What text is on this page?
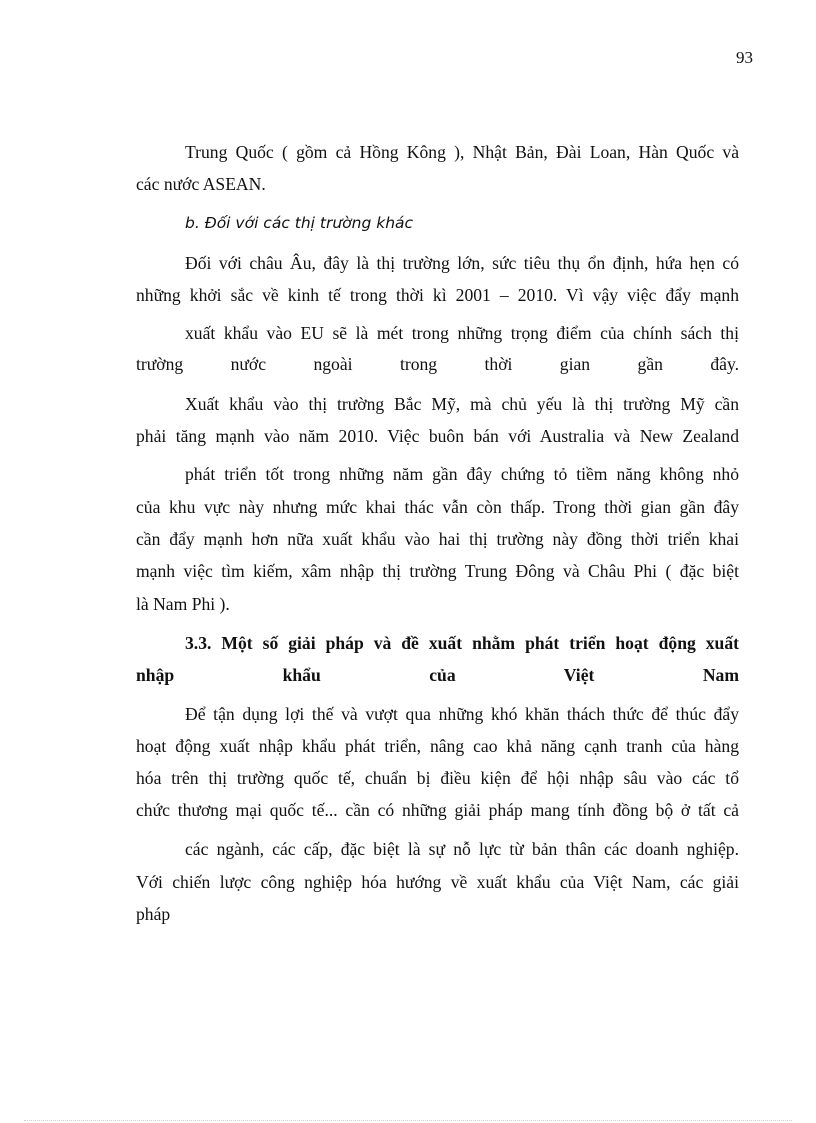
93
Trung Quốc ( gồm cả Hồng Kông ), Nhật Bản, Đài Loan, Hàn Quốc và
các nước ASEAN.
b. Đối với các thị trường khác
Đối với châu Âu, đây là thị trường lớn, sức tiêu thụ ổn định, hứa hẹn có
những khởi sắc về kinh tế trong thời kì 2001 – 2010. Vì vậy việc đẩy mạnh
xuất khẩu vào EU sẽ là mét trong những trọng điểm của chính sách thị
trường nước ngoài trong thời gian gần đây.
Xuất khẩu vào thị trường Bắc Mỹ, mà chủ yếu là thị trường Mỹ cần
phải tăng mạnh vào năm 2010. Việc buôn bán với Australia và New Zealand
phát triển tốt trong những năm gần đây chứng tỏ tiềm năng không nhỏ
của khu vực này nhưng mức khai thác vẫn còn thấp. Trong thời gian gần đây
cần đẩy mạnh hơn nữa xuất khẩu vào hai thị trường này đồng thời triển khai
mạnh việc tìm kiếm, xâm nhập thị trường Trung Đông và Châu Phi ( đặc biệt
là Nam Phi ).
3.3. Một số giải pháp và đề xuất nhằm phát triển hoạt động xuất
nhập khẩu của Việt Nam
Để tận dụng lợi thế và vượt qua những khó khăn thách thức để thúc đẩy
hoạt động xuất nhập khẩu phát triển, nâng cao khả năng cạnh tranh của hàng
hóa trên thị trường quốc tế, chuẩn bị điều kiện để hội nhập sâu vào các tổ
chức thương mại quốc tế... cần có những giải pháp mang tính đồng bộ ở tất cả
các ngành, các cấp, đặc biệt là sự nỗ lực từ bản thân các doanh nghiệp.
Với chiến lược công nghiệp hóa hướng về xuất khẩu của Việt Nam, các giải
pháp
